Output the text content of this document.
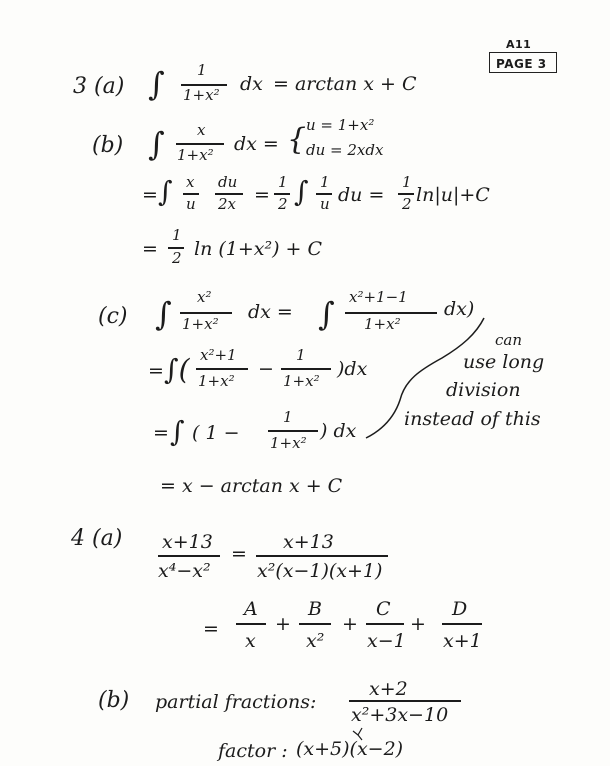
A11
PAGE 3
3 (a) ∫ 1
1+x² dx = arctan x + C
(b) ∫ x
1+x² dx = { u = 1+x²
du = 2xdx
= ∫ x
u
du
2x =
1
2 ∫ 1
u du =
1
2 ln|u|+C
=
1
2 ln (1+x²) + C
(c) ∫ x²
1+x²
dx = ∫ x²+1−1
1+x²
dx)
= ∫( x²+1
1+x²
−
1
1+x²
)dx
= ∫ ( 1 −
1
1+x²
) dx
= x − arctan x + C
can
use long
division
instead of this
4 (a) x+13
x⁴−x²
=
x+13
x²(x−1)(x+1)
=
A
x
+
B
x²
+
C
x−1
+
D
x+1
(b) partial fractions:
x+2
x²+3x−10
factor : (x+5)(x−2)
